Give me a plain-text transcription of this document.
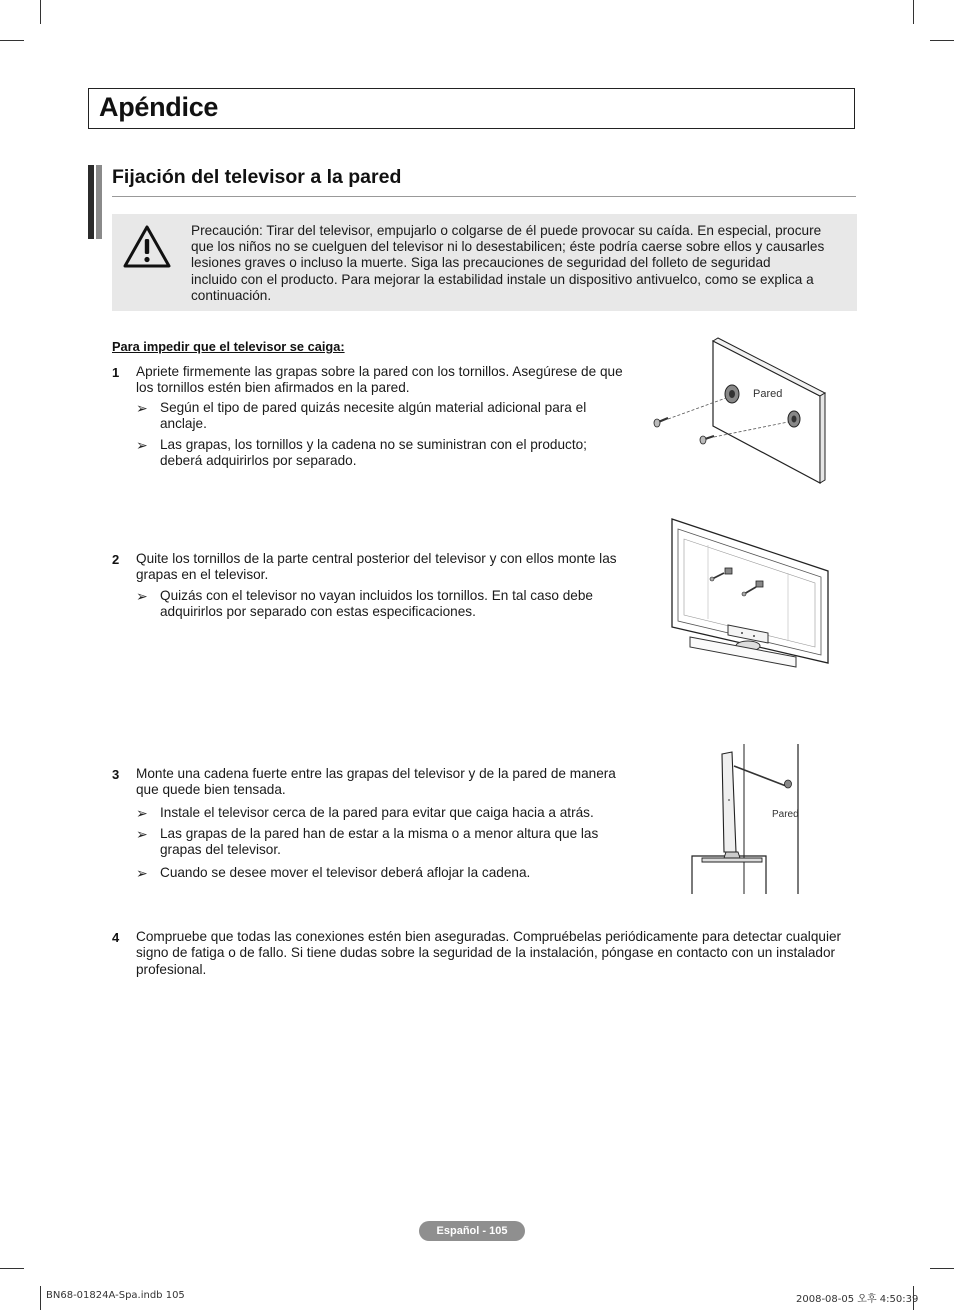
Apéndice
Fijación del televisor a la pared
Precaución: Tirar del televisor, empujarlo o colgarse de él puede provocar su caída. En especial, procure
que los niños no se cuelguen del televisor ni lo desestabilicen; éste podría caerse sobre ellos y causarles
lesiones graves o incluso la muerte. Siga las precauciones de seguridad del folleto de seguridad
incluido con el producto. Para mejorar la estabilidad instale un dispositivo antivuelco, como se explica a
continuación.
Para impedir que el televisor se caiga:
1 Apriete firmemente las grapas sobre la pared con los tornillos. Asegúrese de que
los tornillos estén bien afirmados en la pared.
➢ Según el tipo de pared quizás necesite algún material adicional para el
anclaje.
➢ Las grapas, los tornillos y la cadena no se suministran con el producto;
deberá adquirirlos por separado.
Pared
2 Quite los tornillos de la parte central posterior del televisor y con ellos monte las
grapas en el televisor.
➢ Quizás con el televisor no vayan incluidos los tornillos. En tal caso debe
adquirirlos por separado con estas especificaciones.
3 Monte una cadena fuerte entre las grapas del televisor y de la pared de manera
que quede bien tensada.
➢ Instale el televisor cerca de la pared para evitar que caiga hacia a atrás.
➢ Las grapas de la pared han de estar a la misma o a menor altura que las
grapas del televisor.
➢ Cuando se desee mover el televisor deberá aflojar la cadena.
Pared
4 Compruebe que todas las conexiones estén bien aseguradas. Compruébelas periódicamente para detectar cualquier
signo de fatiga o de fallo. Si tiene dudas sobre la seguridad de la instalación, póngase en contacto con un instalador
profesional.
Español - 105
BN68-01824A-Spa.indb 105	2008-08-05 오후 4:50:39
